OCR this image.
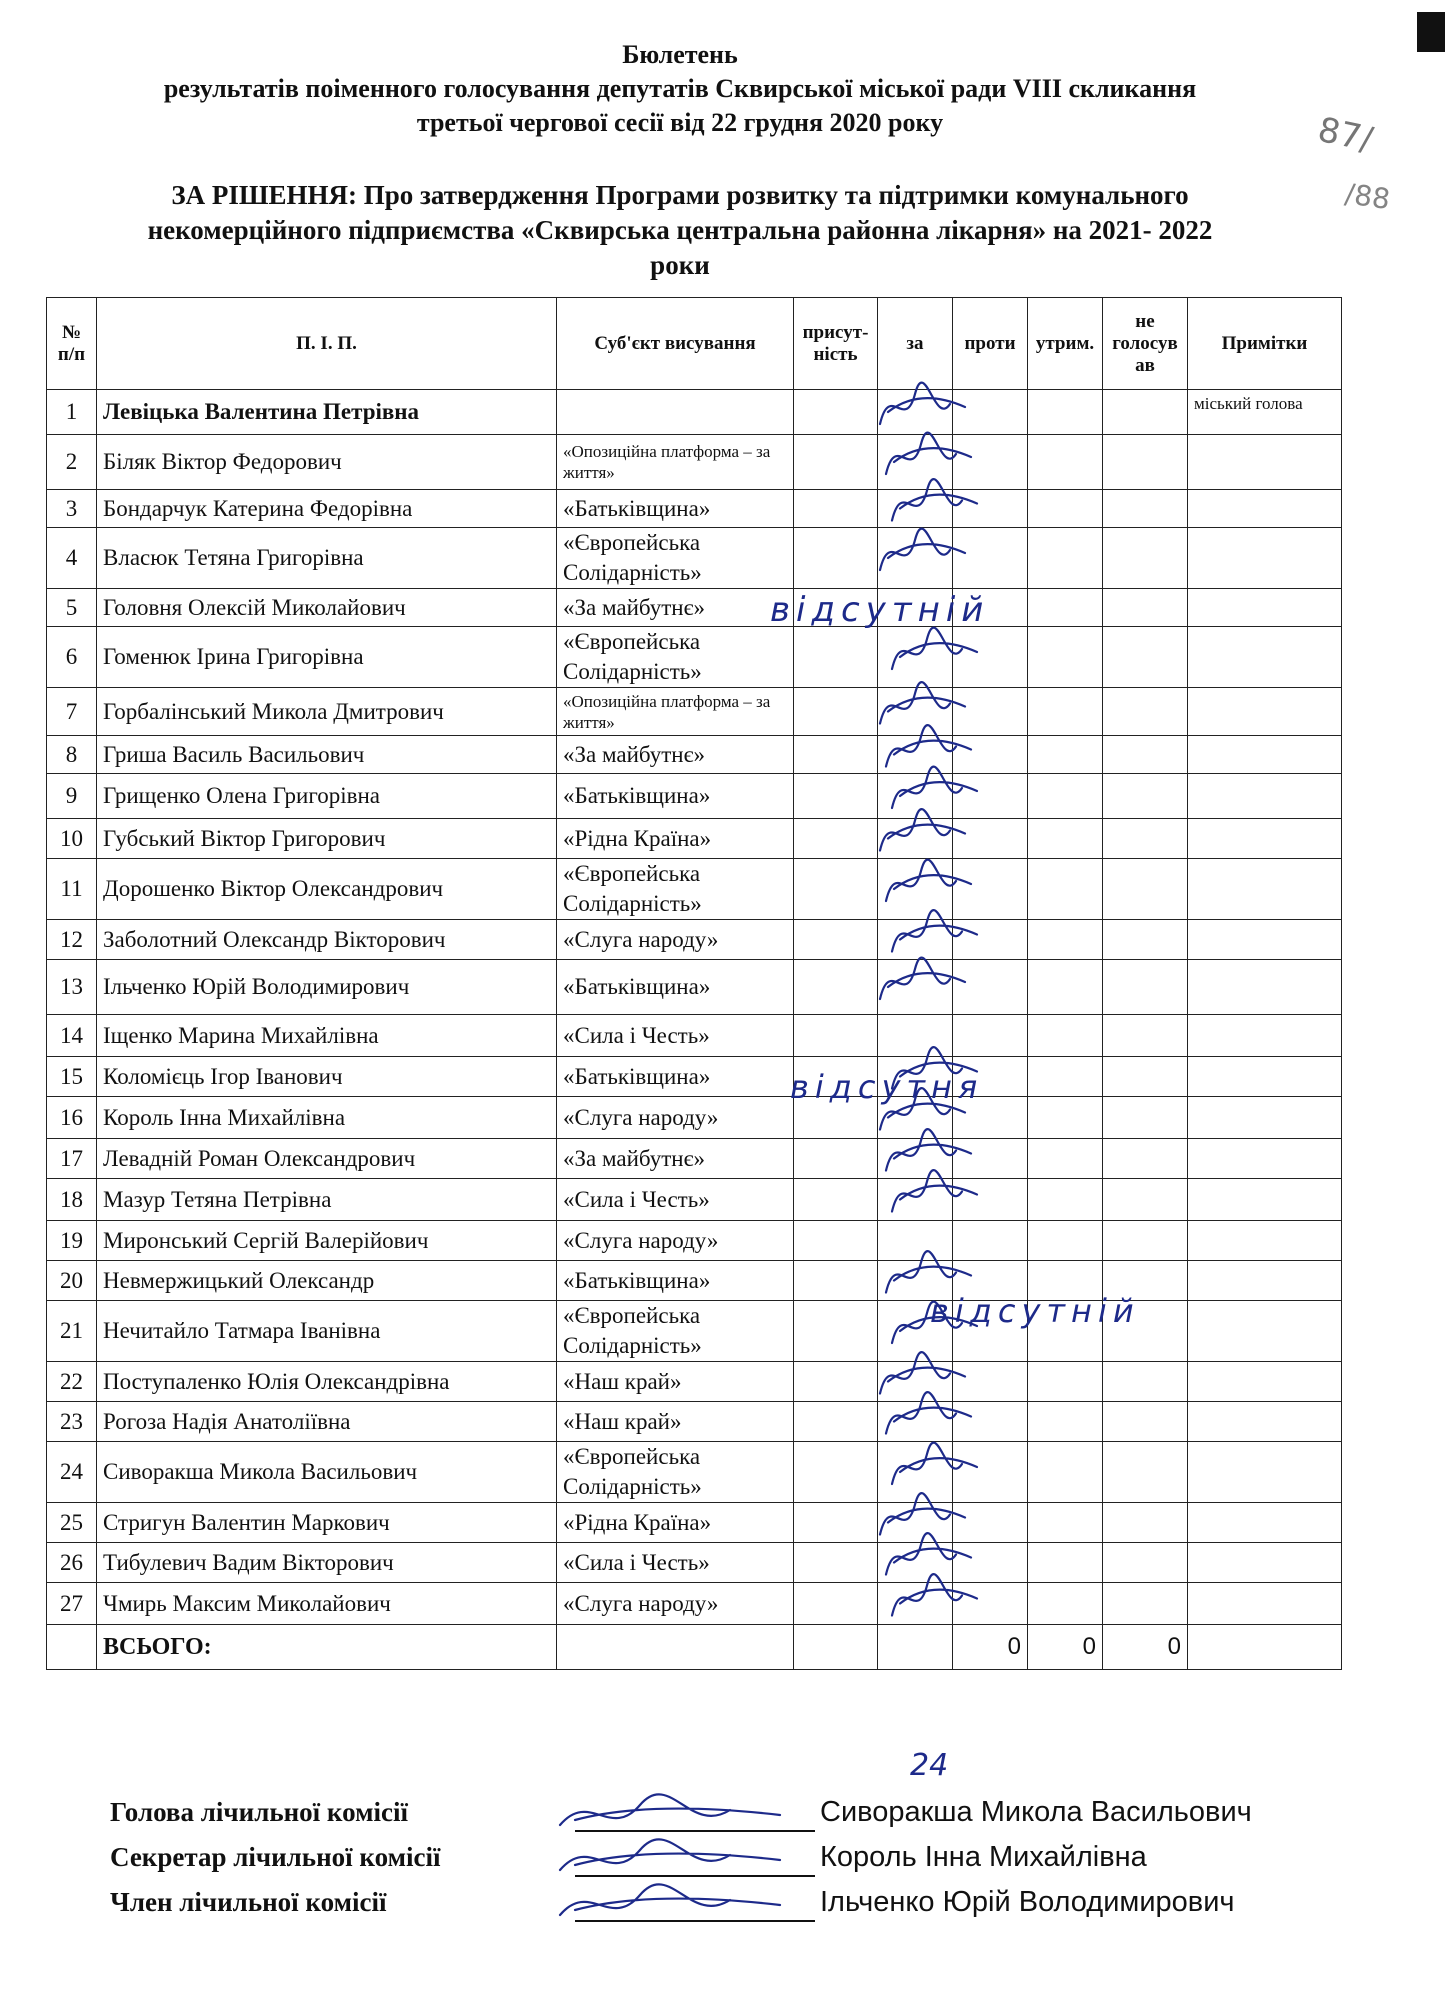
87/
/88
Бюлетень
результатів поіменного голосування депутатів Сквирської міської ради VIII скликання
третьої чергової сесії від 22 грудня 2020 року
ЗА РІШЕННЯ: Про затвердження Програми розвитку та підтримки комунального
некомерційного підприємства «Сквирська центральна районна лікарня» на 2021- 2022
роки
№ п/п	П. І. П.	Суб'єкт висування	присут-ність	за	проти	утрим.	не голосув ав	Примітки
1	Левіцька Валентина Петрівна							міський голова
2	Біляк Віктор Федорович	«Опозиційна платформа – за життя»						
3	Бондарчук Катерина Федорівна	«Батьківщина»						
4	Власюк Тетяна Григорівна	«Європейська Солідарність»						
5	Головня Олексій Миколайович	«За майбутнє»						
6	Гоменюк Ірина Григорівна	«Європейська Солідарність»						
7	Горбалінський Микола Дмитрович	«Опозиційна платформа – за життя»						
8	Гриша Василь Васильович	«За майбутнє»						
9	Грищенко Олена Григорівна	«Батьківщина»						
10	Губський Віктор Григорович	«Рідна Країна»						
11	Дорошенко Віктор Олександрович	«Європейська Солідарність»						
12	Заболотний Олександр Вікторович	«Слуга народу»						
13	Ільченко Юрій Володимирович	«Батьківщина»						
14	Іщенко Марина Михайлівна	«Сила і Честь»						
15	Коломієць Ігор Іванович	«Батьківщина»						
16	Король Інна Михайлівна	«Слуга народу»						
17	Левадній Роман Олександрович	«За майбутнє»						
18	Мазур Тетяна Петрівна	«Сила і Честь»						
19	Миронський Сергій Валерійович	«Слуга народу»						
20	Невмержицький Олександр	«Батьківщина»						
21	Нечитайло Татмара Іванівна	«Європейська Солідарність»						
22	Поступаленко Юлія Олександрівна	«Наш край»						
23	Рогоза Надія Анатоліївна	«Наш край»						
24	Сиворакша Микола Васильович	«Європейська Солідарність»						
25	Стригун Валентин Маркович	«Рідна Країна»						
26	Тибулевич Вадим Вікторович	«Сила і Честь»						
27	Чмирь Максим Миколайович	«Слуга народу»						
	ВСЬОГО:				0	0	0	
24
відсутній
відсутня
відсутній
Голова лічильної комісії
Секретар лічильної комісії
Член лічильної комісії
Сиворакша Микола Васильович
Король Інна Михайлівна
Ільченко Юрій Володимирович
